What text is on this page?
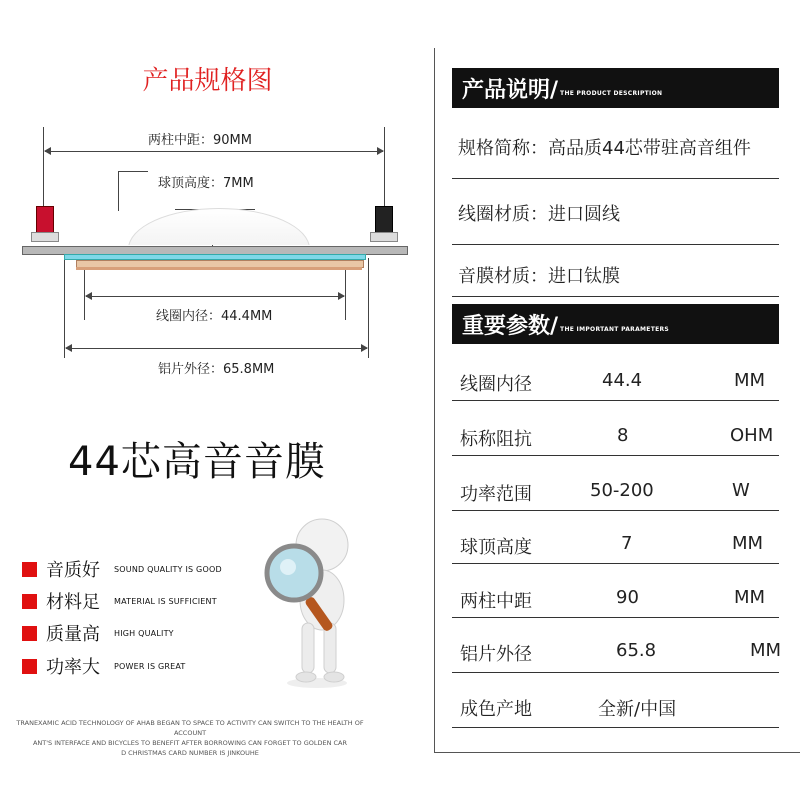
产品规格图
两柱中距：90MM
球顶高度：7MM
线圈内径：44.4MM
铝片外径：65.8MM
44芯高音音膜
音质好	SOUND QUALITY IS GOOD
材料足	MATERIAL IS SUFFICIENT
质量高	HIGH QUALITY
功率大	POWER IS GREAT
TRANEXAMIC ACID TECHNOLOGY OF AHAB BEGAN TO SPACE TO ACTIVITY CAN SWITCH TO THE HEALTH OF ACCOUNT
ANT'S INTERFACE AND BICYCLES TO BENEFIT AFTER BORROWING CAN FORGET TO GOLDEN CAR
D CHRISTMAS CARD NUMBER IS JINKOUHE
产品说明/ THE PRODUCT DESCRIPTION
规格简称：高品质44芯带驻高音组件
线圈材质：进口圆线
音膜材质：进口钛膜
重要参数/ THE IMPORTANT PARAMETERS
线圈内径	44.4	MM
标称阻抗	8	OHM
功率范围	50-200	W
球顶高度	7	MM
两柱中距	90	MM
铝片外径	65.8	MM
成色产地	全新/中国
